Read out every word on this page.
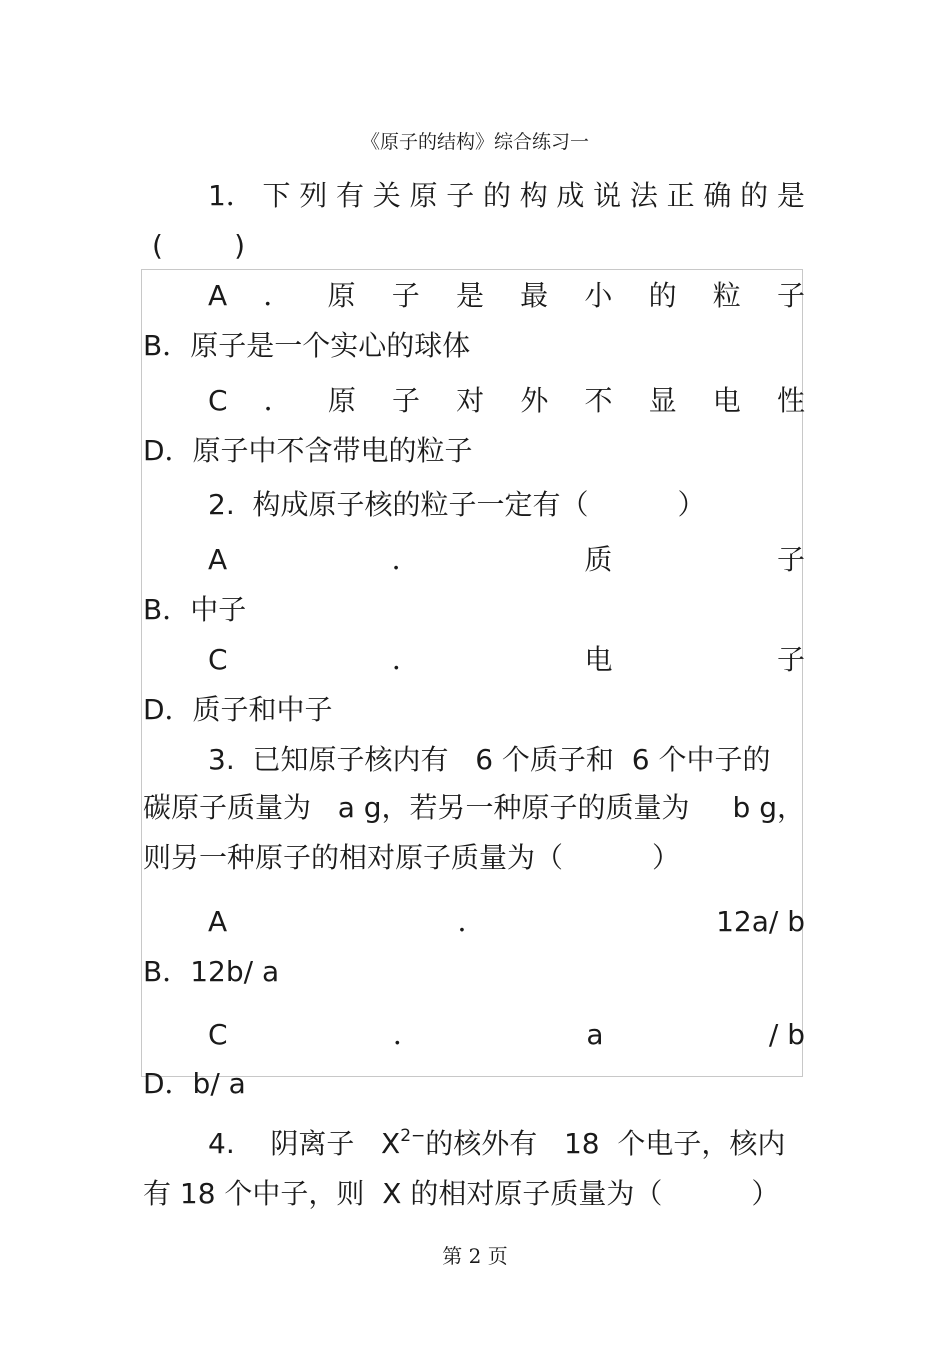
《原子的结构》综合练习一
1． 下 列 有 关 原 子 的 构 成 说 法 正 确 的 是
(        )
A ． 原 子 是 最 小 的 粒 子
B．原子是一个实心的球体
C ． 原 子 对 外 不 显 电 性
D．原子中不含带电的粒子
2.  构成原子核的粒子一定有（          ）
A	．	质	子
B．中子
C	．	电	子
D．质子和中子
3.  已知原子核内有   6 个质子和  6 个中子的
碳原子质量为   a g，若另一种原子的质量为 b g，
则另一种原子的相对原子质量为（          ）
A	．	12a/ b
B．12b/ a
C	．	a	/ b
D．b/ a
4.    阴离子   $X^{2-}$的核外有   18  个电子，核内
有 18 个中子，则  X 的相对原子质量为（          ）
第 2 页
